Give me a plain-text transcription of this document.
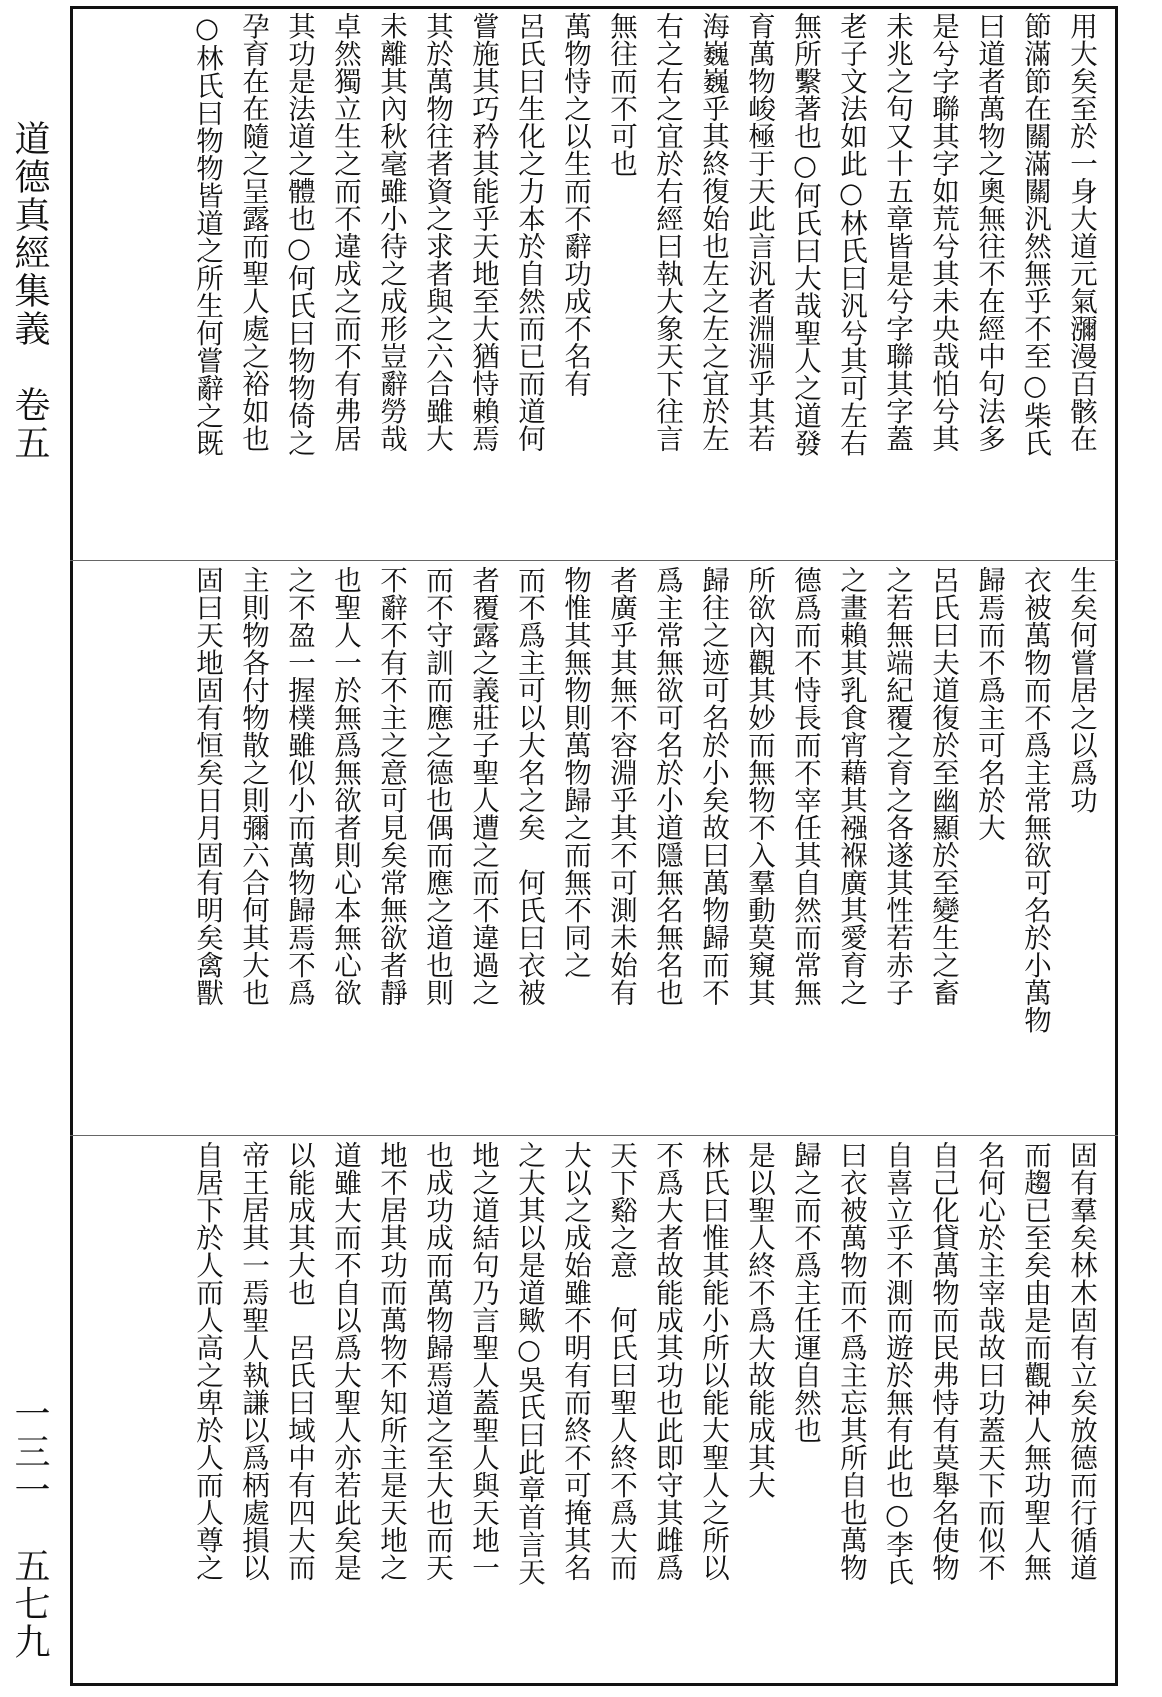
道德真經集義　卷五
一三一　五七九
用大矣至於一身大道元氣瀰漫百骸在
節滿節在關滿關汎然無乎不至○柴氏
曰道者萬物之奧無往不在經中句法多
是兮字聯其字如荒兮其未央哉怕兮其
未兆之句又十五章皆是兮字聯其字蓋
老子文法如此○林氏曰汎兮其可左右
無所繫著也○何氏曰大哉聖人之道發
育萬物峻極于天此言汎者淵淵乎其若
海巍巍乎其終復始也左之左之宜於左
右之右之宜於右經曰執大象天下往言
無往而不可也
萬物恃之以生而不辭功成不名有
呂氏曰生化之力本於自然而已而道何
嘗施其巧矜其能乎天地至大猶恃賴焉
其於萬物往者資之求者與之六合雖大
未離其內秋毫雖小待之成形豈辭勞哉
卓然獨立生之而不違成之而不有弗居
其功是法道之體也○何氏曰物物倚之
孕育在在隨之呈露而聖人處之裕如也
○林氏曰物物皆道之所生何嘗辭之既
生矣何嘗居之以爲功
衣被萬物而不爲主常無欲可名於小萬物
歸焉而不爲主可名於大
呂氏曰夫道復於至幽顯於至變生之畜
之若無端紀覆之育之各遂其性若赤子
之畫賴其乳食宵藉其襁褓廣其愛育之
德爲而不恃長而不宰任其自然而常無
所欲內觀其妙而無物不入羣動莫窺其
歸往之迹可名於小矣故曰萬物歸而不
爲主常無欲可名於小道隱無名無名也
者廣乎其無不容淵乎其不可測未始有
物惟其無物則萬物歸之而無不同之
而不爲主可以大名之矣　何氏曰衣被
者覆露之義莊子聖人遭之而不違過之
而不守訓而應之德也偶而應之道也則
不辭不有不主之意可見矣常無欲者靜
也聖人一於無爲無欲者則心本無心欲
之不盈一握樸雖似小而萬物歸焉不爲
主則物各付物散之則彌六合何其大也
固曰天地固有恒矣日月固有明矣禽獸
固有羣矣林木固有立矣放德而行循道
而趨已至矣由是而觀神人無功聖人無
名何心於主宰哉故曰功蓋天下而似不
自己化貸萬物而民弗恃有莫舉名使物
自喜立乎不測而遊於無有此也○李氏
曰衣被萬物而不爲主忘其所自也萬物
歸之而不爲主任運自然也
是以聖人終不爲大故能成其大
林氏曰惟其能小所以能大聖人之所以
不爲大者故能成其功也此即守其雌爲
天下谿之意　何氏曰聖人終不爲大而
大以之成始雖不明有而終不可掩其名
之大其以是道歟○吳氏曰此章首言天
地之道結句乃言聖人蓋聖人與天地一
也成功成而萬物歸焉道之至大也而天
地不居其功而萬物不知所主是天地之
道雖大而不自以爲大聖人亦若此矣是
以能成其大也　呂氏曰域中有四大而
帝王居其一焉聖人執謙以爲柄處損以
自居下於人而人高之卑於人而人尊之
